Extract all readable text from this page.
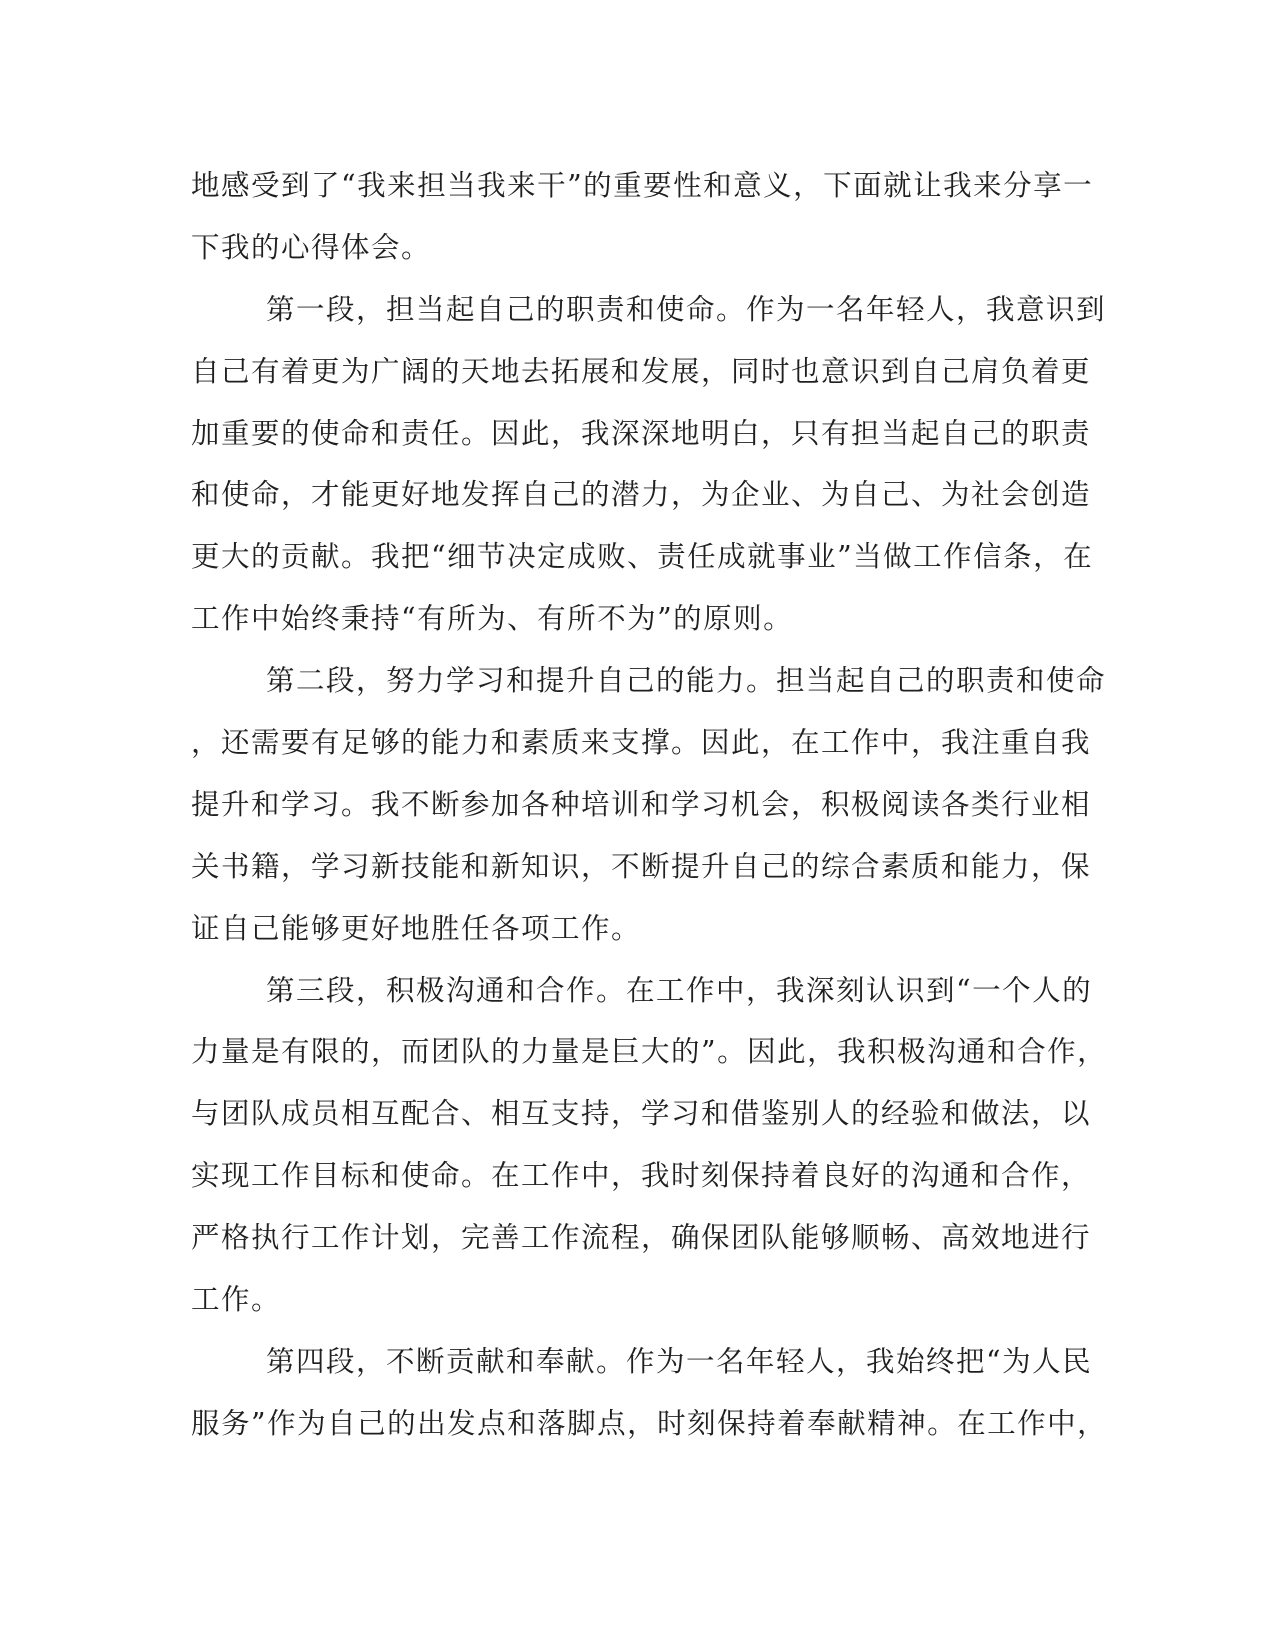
地感受到了“我来担当我来干”的重要性和意义，下面就让我来分享一
下我的心得体会。
第一段，担当起自己的职责和使命。作为一名年轻人，我意识到
自己有着更为广阔的天地去拓展和发展，同时也意识到自己肩负着更
加重要的使命和责任。因此，我深深地明白，只有担当起自己的职责
和使命，才能更好地发挥自己的潜力，为企业、为自己、为社会创造
更大的贡献。我把“细节决定成败、责任成就事业”当做工作信条，在
工作中始终秉持“有所为、有所不为”的原则。
第二段，努力学习和提升自己的能力。担当起自己的职责和使命
，还需要有足够的能力和素质来支撑。因此，在工作中，我注重自我
提升和学习。我不断参加各种培训和学习机会，积极阅读各类行业相
关书籍，学习新技能和新知识，不断提升自己的综合素质和能力，保
证自己能够更好地胜任各项工作。
第三段，积极沟通和合作。在工作中，我深刻认识到“一个人的
力量是有限的，而团队的力量是巨大的”。因此，我积极沟通和合作，
与团队成员相互配合、相互支持，学习和借鉴别人的经验和做法，以
实现工作目标和使命。在工作中，我时刻保持着良好的沟通和合作，
严格执行工作计划，完善工作流程，确保团队能够顺畅、高效地进行
工作。
第四段，不断贡献和奉献。作为一名年轻人，我始终把“为人民
服务”作为自己的出发点和落脚点，时刻保持着奉献精神。在工作中，
